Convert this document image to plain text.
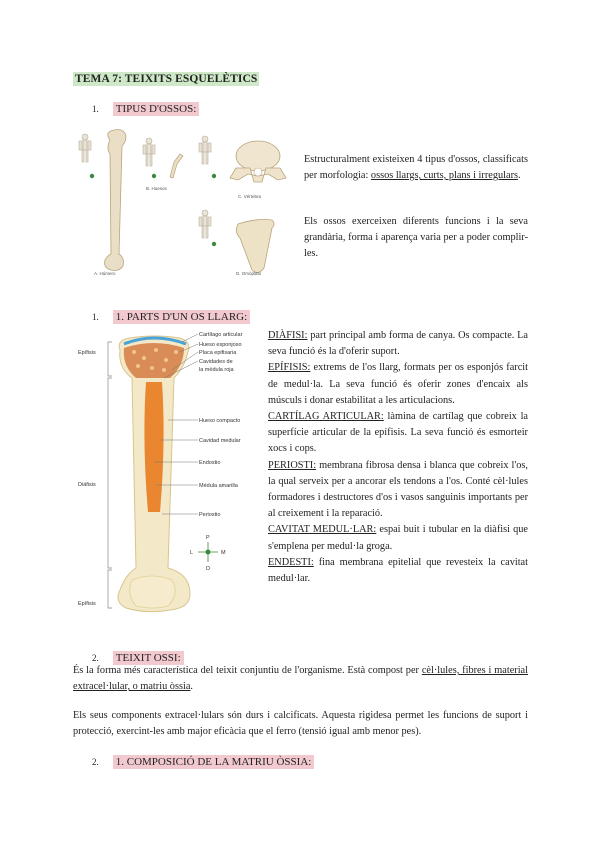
TEMA 7: TEIXITS ESQUELÈTICS
1. TIPUS D'OSSOS:
A. Húmero
B. Huesos
C. Vértebra
D. Omóplato
Estructuralment existeixen 4 tipus d'ossos, classificats per morfologia: ossos llargs, curts, plans i irregulars.
Els ossos exerceixen diferents funcions i la seva grandària, forma i aparença varia per a poder complir-les.
1. 1. PARTS D'UN OS LLARG:
P
L	M
D
Epífisis
Diáfisis
Epífisis
Cartílago articular
Hueso esponjoso
Placa epifisaria
Cavidades de
la médula roja
Hueso compacto
Cavidad medular
Endostio
Médula amarilla
Periostio
DIÀFISI: part principal amb forma de canya. Os compacte. La seva funció és la d'oferir suport.
EPÍFISIS: extrems de l'os llarg, formats per os esponjós farcit de medul·la. La seva funció és oferir zones d'encaix als músculs i donar estabilitat a les articulacions.
CARTÍLAG ARTICULAR: làmina de cartílag que cobreix la superfície articular de la epífisis. La seva funció és esmorteir xocs i cops.
PERIOSTI: membrana fibrosa densa i blanca que cobreix l'os, la qual serveix per a ancorar els tendons a l'os. Conté cèl·lules formadores i destructores d'os i vasos sanguinis importants per al creixement i la reparació.
CAVITAT MEDUL·LAR: espai buit i tubular en la diàfisi que s'emplena per medul·la groga.
ENDESTI: fina membrana epitelial que revesteix la cavitat medul·lar.
2. TEIXIT OSSI:
És la forma més característica del teixit conjuntiu de l'organisme. Està compost per cèl·lules, fibres i material extracel·lular, o matriu òssia.
Els seus components extracel·lulars són durs i calcificats. Aquesta rigidesa permet les funcions de suport i protecció, exercint-les amb major eficàcia que el ferro (tensió igual amb menor pes).
2. 1. COMPOSICIÓ DE LA MATRIU ÒSSIA:
